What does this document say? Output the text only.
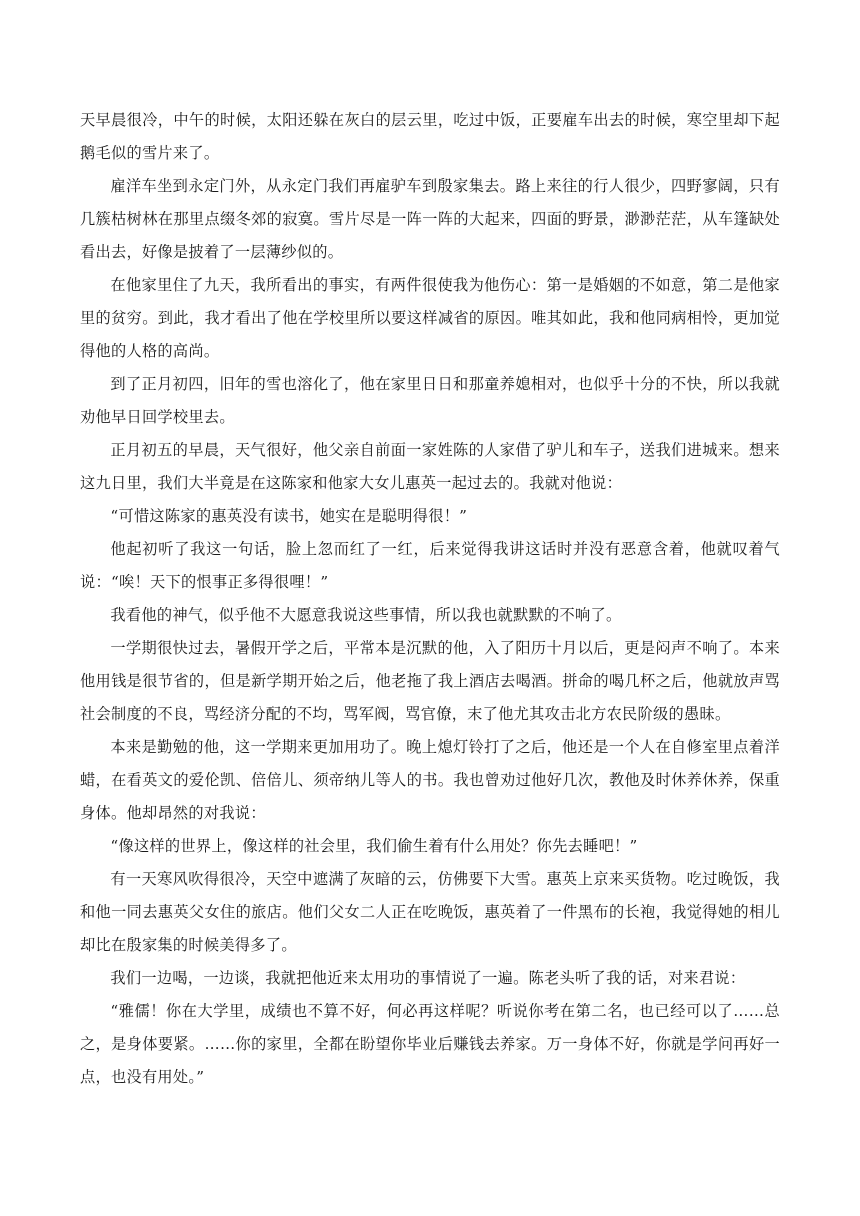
天早晨很冷，中午的时候，太阳还躲在灰白的层云里，吃过中饭，正要雇车出去的时候，寒空里却下起鹅毛似的雪片来了。

雇洋车坐到永定门外，从永定门我们再雇驴车到殷家集去。路上来往的行人很少，四野寥阔，只有几簇枯树林在那里点缀冬郊的寂寞。雪片尽是一阵一阵的大起来，四面的野景，渺渺茫茫，从车篷缺处看出去，好像是披着了一层薄纱似的。

在他家里住了九天，我所看出的事实，有两件很使我为他伤心：第一是婚姻的不如意，第二是他家里的贫穷。到此，我才看出了他在学校里所以要这样减省的原因。唯其如此，我和他同病相怜，更加觉得他的人格的高尚。

到了正月初四，旧年的雪也溶化了，他在家里日日和那童养媳相对，也似乎十分的不快，所以我就劝他早日回学校里去。

正月初五的早晨，天气很好，他父亲自前面一家姓陈的人家借了驴儿和车子，送我们进城来。想来这九日里，我们大半竟是在这陈家和他家大女儿惠英一起过去的。我就对他说：

“可惜这陈家的惠英没有读书，她实在是聪明得很！”

他起初听了我这一句话，脸上忽而红了一红，后来觉得我讲这话时并没有恶意含着，他就叹着气说：“唉！天下的恨事正多得很哩！”

我看他的神气，似乎他不大愿意我说这些事情，所以我也就默默的不响了。

一学期很快过去，暑假开学之后，平常本是沉默的他，入了阳历十月以后，更是闷声不响了。本来他用钱是很节省的，但是新学期开始之后，他老拖了我上酒店去喝酒。拼命的喝几杯之后，他就放声骂社会制度的不良，骂经济分配的不均，骂军阀，骂官僚，末了他尤其攻击北方农民阶级的愚昧。

本来是勤勉的他，这一学期来更加用功了。晚上熄灯铃打了之后，他还是一个人在自修室里点着洋蜡，在看英文的爱伦凯、倍倍儿、须帝纳儿等人的书。我也曾劝过他好几次，教他及时休养休养，保重身体。他却昂然的对我说：

“像这样的世界上，像这样的社会里，我们偷生着有什么用处？你先去睡吧！”

有一天寒风吹得很冷，天空中遮满了灰暗的云，仿佛要下大雪。惠英上京来买货物。吃过晚饭，我和他一同去惠英父女住的旅店。他们父女二人正在吃晚饭，惠英着了一件黑布的长袍，我觉得她的相儿却比在殷家集的时候美得多了。

我们一边喝，一边谈，我就把他近来太用功的事情说了一遍。陈老头听了我的话，对来君说：

“雅儒！你在大学里，成绩也不算不好，何必再这样呢？听说你考在第二名，也已经可以了……总之，是身体要紧。……你的家里，全都在盼望你毕业后赚钱去养家。万一身体不好，你就是学问再好一点，也没有用处。”
